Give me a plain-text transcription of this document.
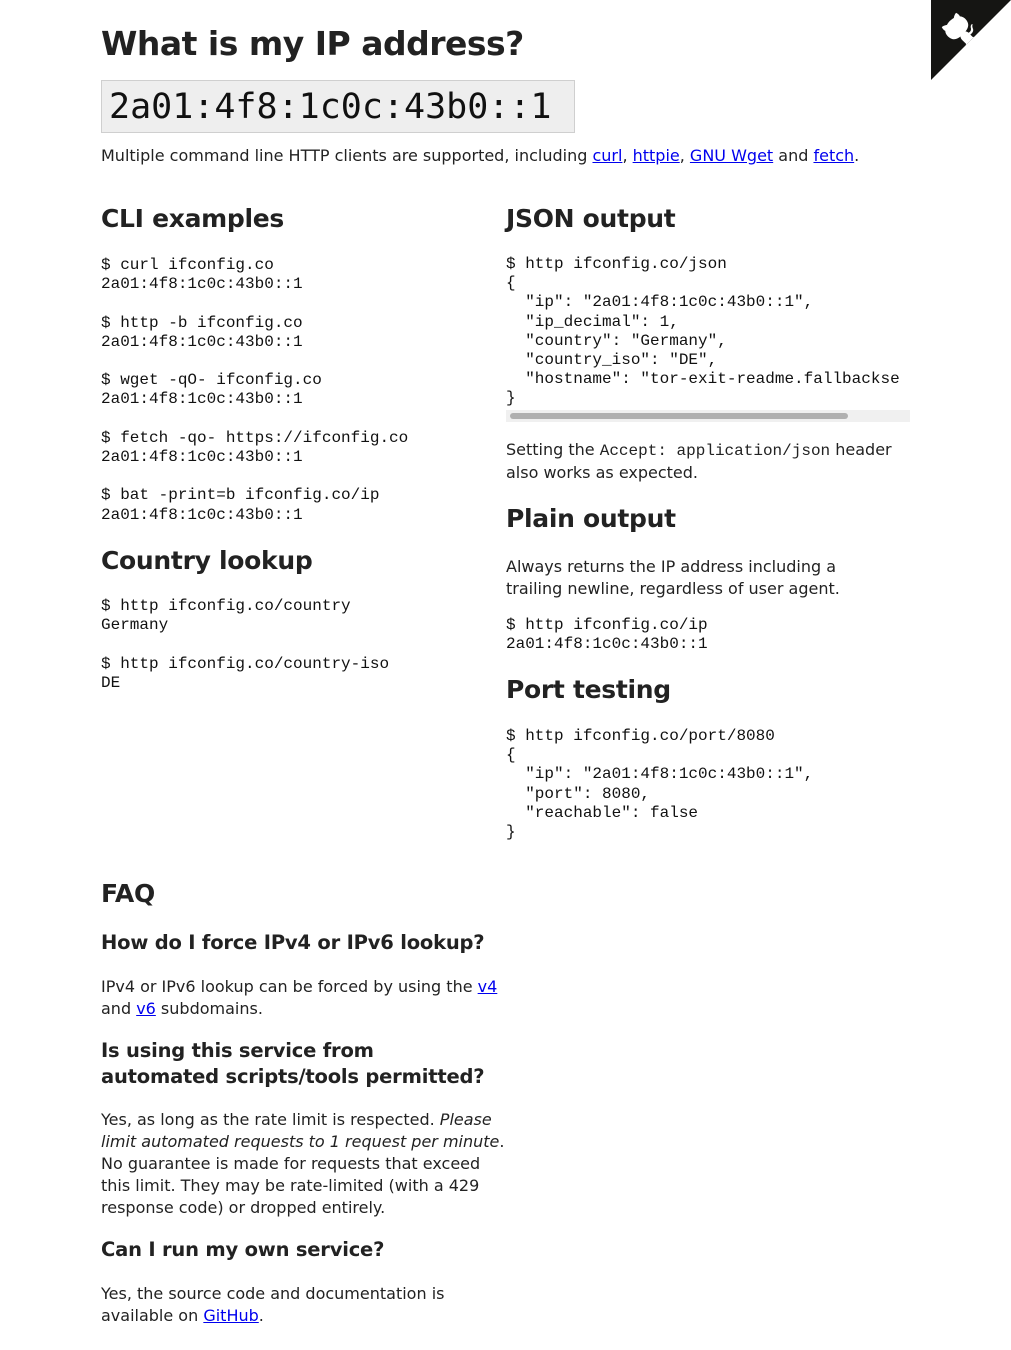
What is my IP address?
2a01:4f8:1c0c:43b0::1
Multiple command line HTTP clients are supported, including curl, httpie, GNU Wget and fetch.
CLI examples
$ curl ifconfig.co
2a01:4f8:1c0c:43b0::1

$ http -b ifconfig.co
2a01:4f8:1c0c:43b0::1

$ wget -qO- ifconfig.co
2a01:4f8:1c0c:43b0::1

$ fetch -qo- https://ifconfig.co
2a01:4f8:1c0c:43b0::1

$ bat -print=b ifconfig.co/ip
2a01:4f8:1c0c:43b0::1
Country lookup
$ http ifconfig.co/country
Germany

$ http ifconfig.co/country-iso
DE
JSON output
$ http ifconfig.co/json
{
"ip": "2a01:4f8:1c0c:43b0::1",
"ip_decimal": 1,
"country": "Germany",
"country_iso": "DE",
"hostname": "tor-exit-readme.fallbackse
}
Setting the Accept: application/json header also works as expected.
Plain output
Always returns the IP address including a trailing newline, regardless of user agent.
$ http ifconfig.co/ip
2a01:4f8:1c0c:43b0::1
Port testing
$ http ifconfig.co/port/8080
{
"ip": "2a01:4f8:1c0c:43b0::1",
"port": 8080,
"reachable": false
}
FAQ
How do I force IPv4 or IPv6 lookup?
IPv4 or IPv6 lookup can be forced by using the v4 and v6 subdomains.
Is using this service from automated scripts/tools permitted?
Yes, as long as the rate limit is respected. Please limit automated requests to 1 request per minute. No guarantee is made for requests that exceed this limit. They may be rate-limited (with a 429 response code) or dropped entirely.
Can I run my own service?
Yes, the source code and documentation is available on GitHub.
